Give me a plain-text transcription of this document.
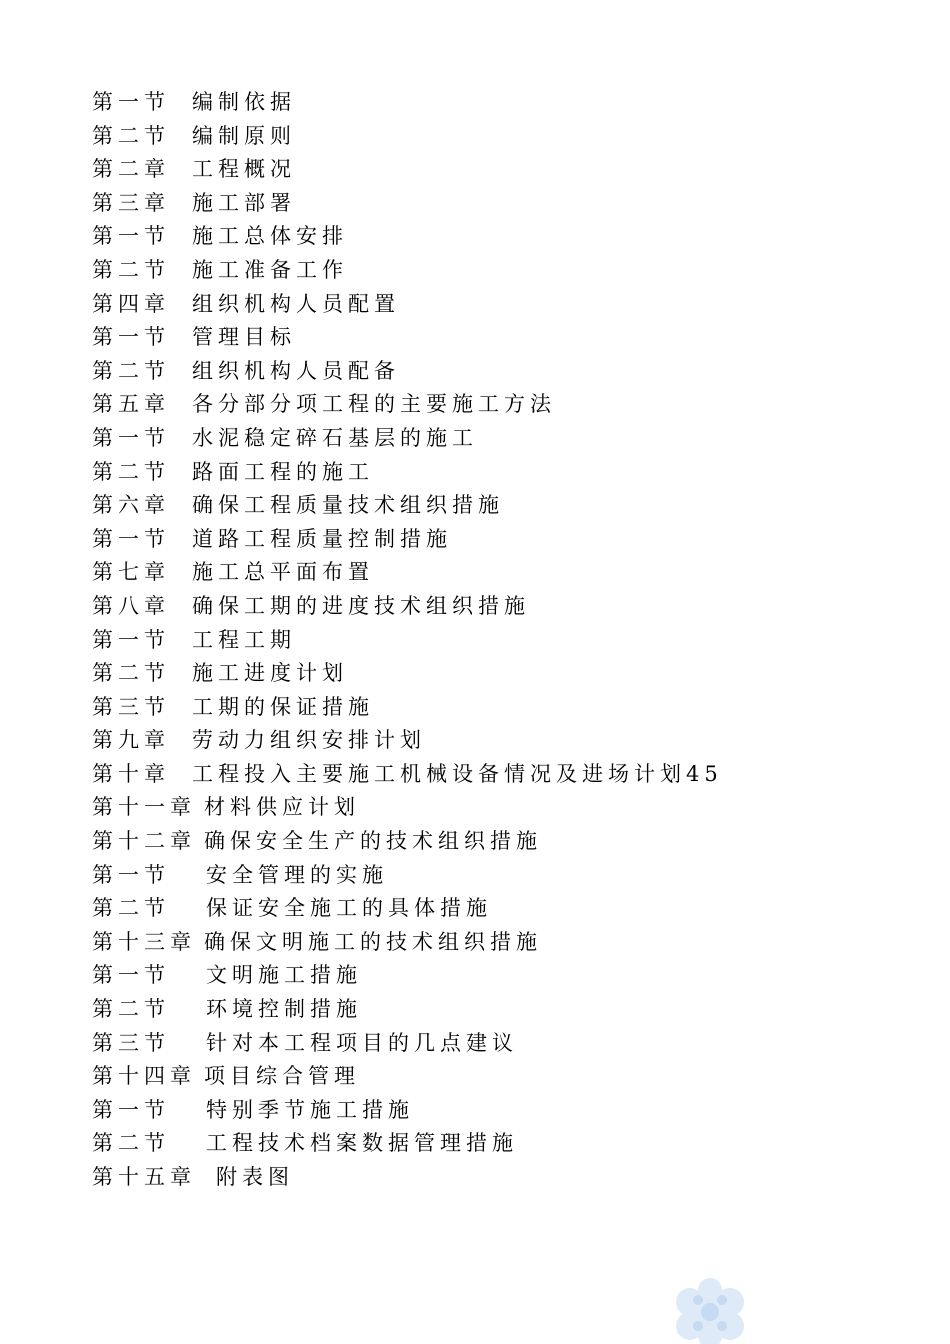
第一节	编制依据
第二节	编制原则
第二章	工程概况
第三章	施工部署
第一节	施工总体安排
第二节	施工准备工作
第四章	组织机构人员配置
第一节	管理目标
第二节	组织机构人员配备
第五章	各分部分项工程的主要施工方法
第一节	水泥稳定碎石基层的施工
第二节	路面工程的施工
第六章	确保工程质量技术组织措施
第一节	道路工程质量控制措施
第七章	施工总平面布置
第八章	确保工期的进度技术组织措施
第一节	工程工期
第二节	施工进度计划
第三节	工期的保证措施
第九章	劳动力组织安排计划
第十章	工程投入主要施工机械设备情况及进场计划45
第十一章 材料供应计划
第十二章 确保安全生产的技术组织措施
第一节	安全管理的实施
第二节	保证安全施工的具体措施
第十三章 确保文明施工的技术组织措施
第一节	文明施工措施
第二节	环境控制措施
第三节	针对本工程项目的几点建议
第十四章 项目综合管理
第一节	特别季节施工措施
第二节	工程技术档案数据管理措施
第十五章 附表图
